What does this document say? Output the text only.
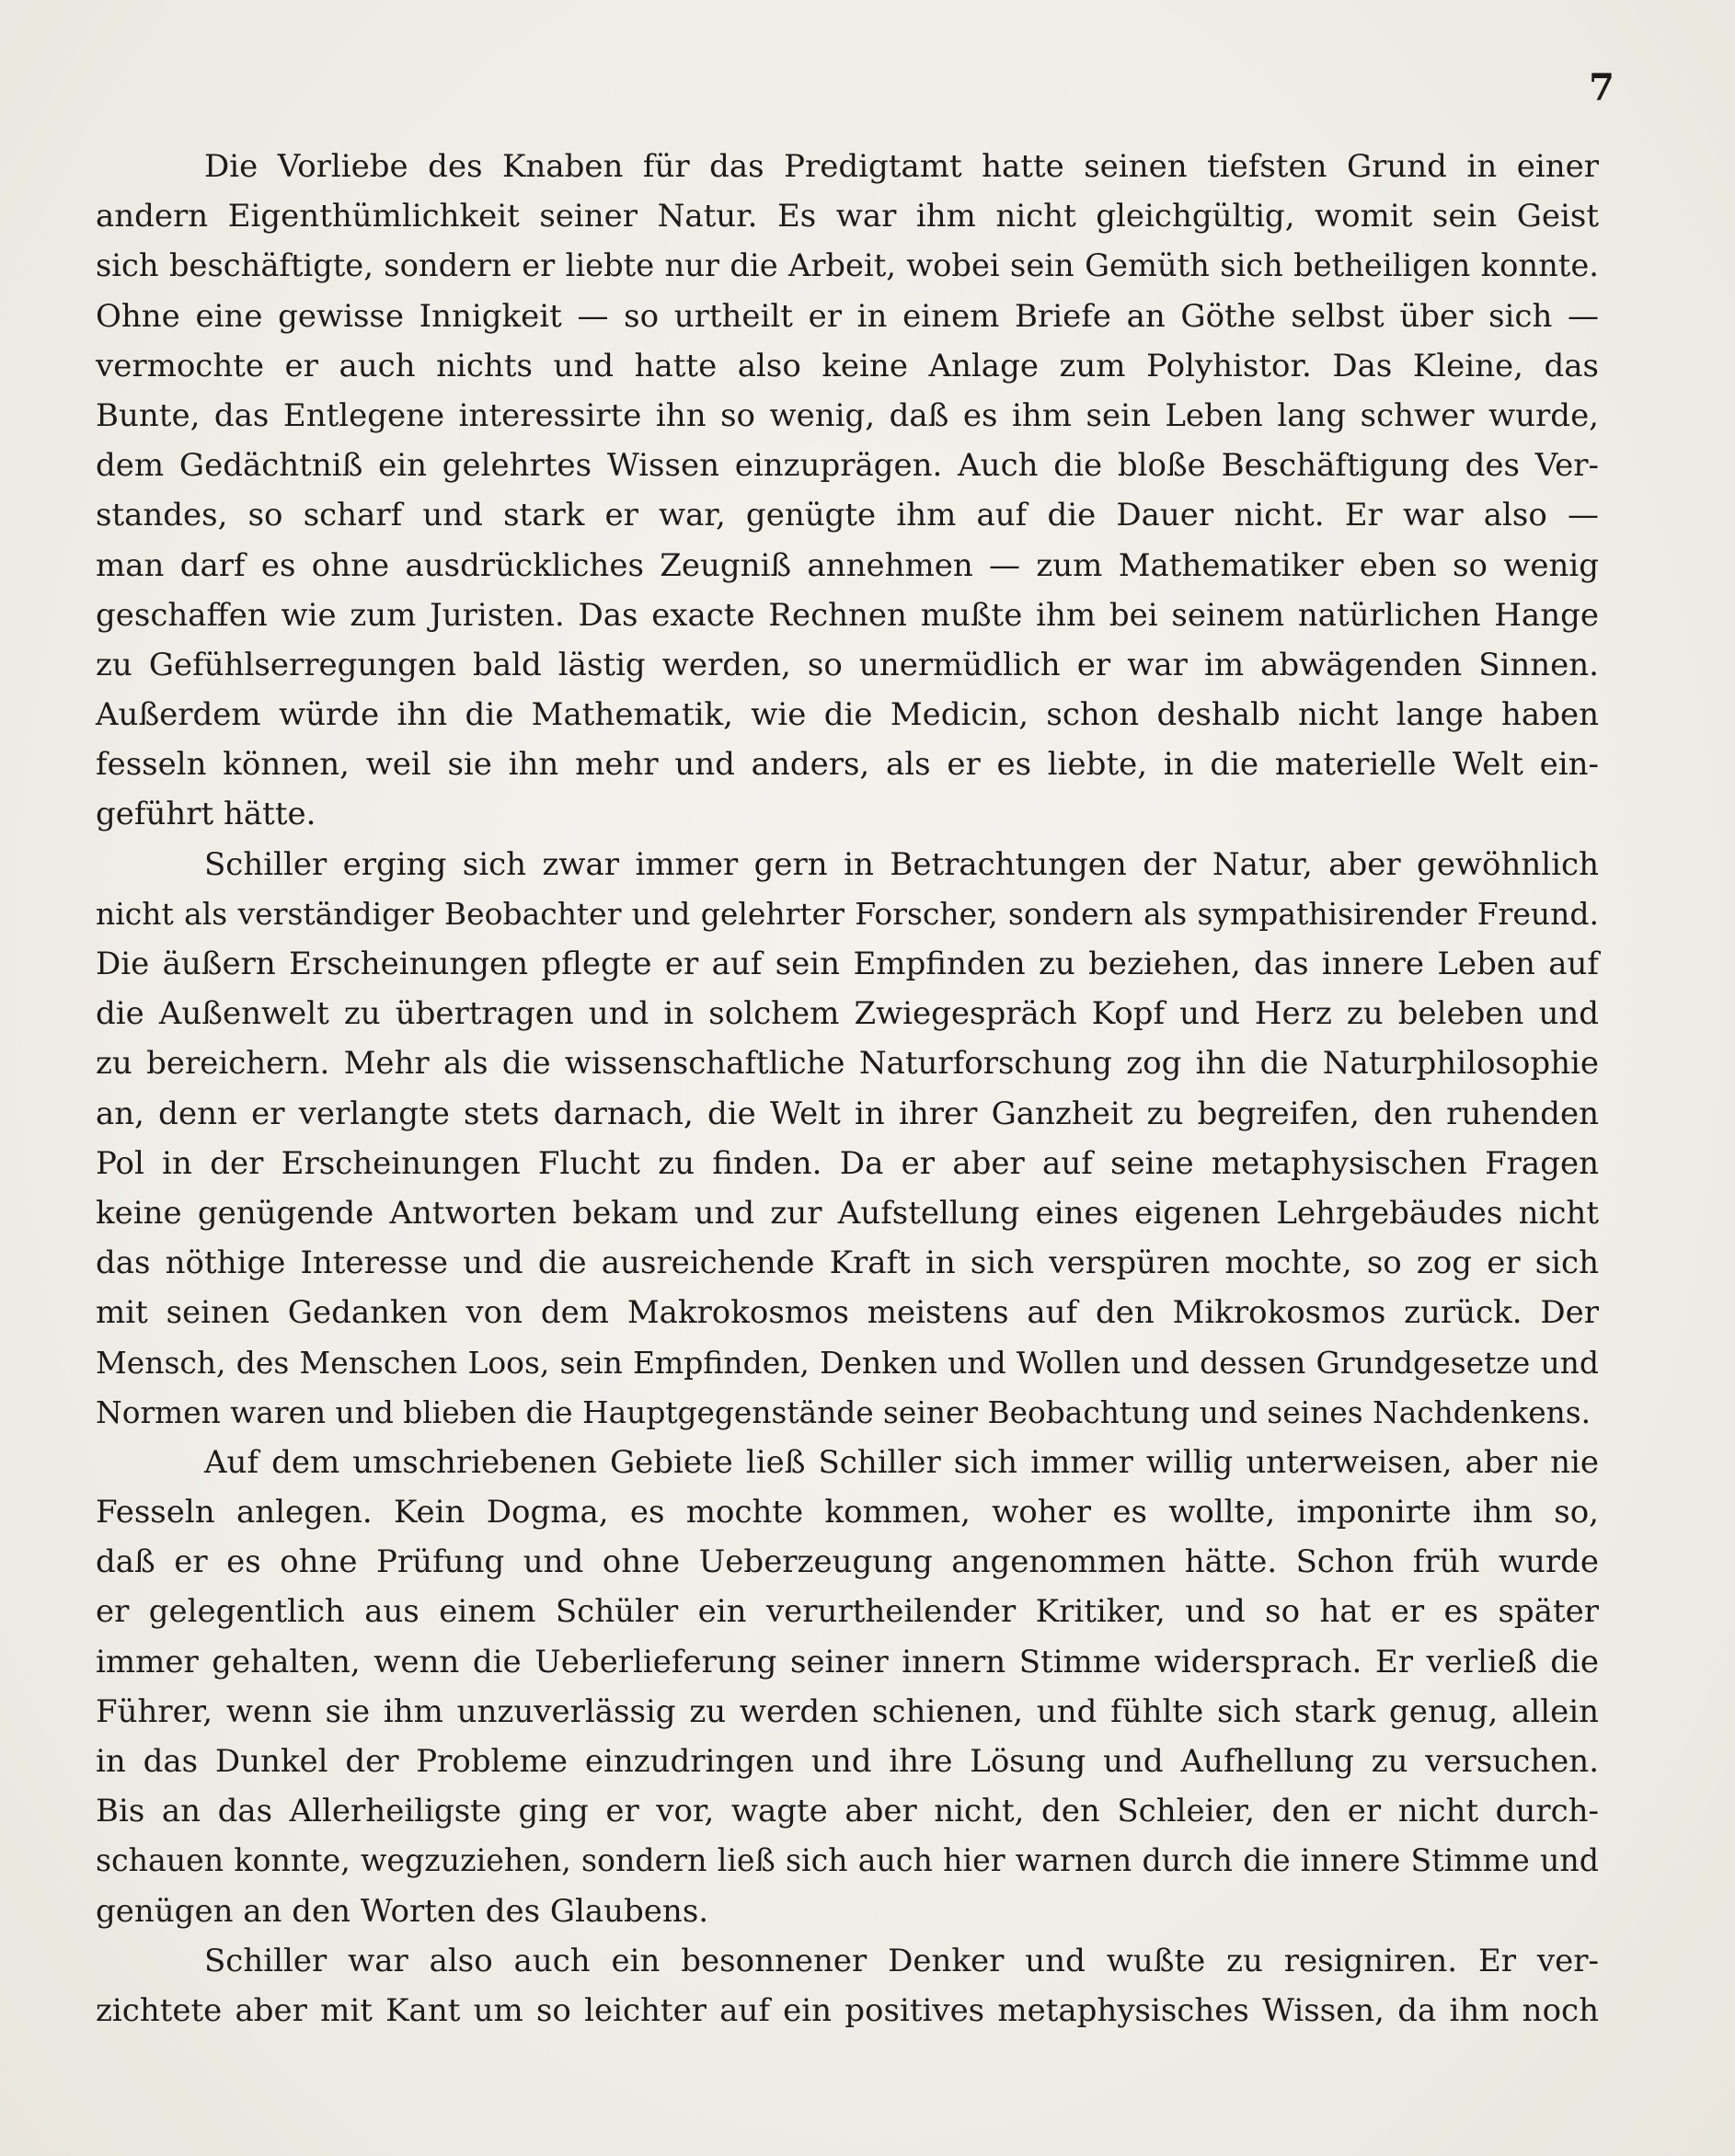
7
Die Vorliebe des Knaben für das Predigtamt hatte seinen tiefsten Grund in einer
andern Eigenthümlichkeit seiner Natur. Es war ihm nicht gleichgültig, womit sein Geist
sich beschäftigte, sondern er liebte nur die Arbeit, wobei sein Gemüth sich betheiligen konnte.
Ohne eine gewisse Innigkeit — so urtheilt er in einem Briefe an Göthe selbst über sich —
vermochte er auch nichts und hatte also keine Anlage zum Polyhistor. Das Kleine, das
Bunte, das Entlegene interessirte ihn so wenig, daß es ihm sein Leben lang schwer wurde,
dem Gedächtniß ein gelehrtes Wissen einzuprägen. Auch die bloße Beschäftigung des Ver-
standes, so scharf und stark er war, genügte ihm auf die Dauer nicht. Er war also —
man darf es ohne ausdrückliches Zeugniß annehmen — zum Mathematiker eben so wenig
geschaffen wie zum Juristen. Das exacte Rechnen mußte ihm bei seinem natürlichen Hange
zu Gefühlserregungen bald lästig werden, so unermüdlich er war im abwägenden Sinnen.
Außerdem würde ihn die Mathematik, wie die Medicin, schon deshalb nicht lange haben
fesseln können, weil sie ihn mehr und anders, als er es liebte, in die materielle Welt ein-
geführt hätte.
Schiller erging sich zwar immer gern in Betrachtungen der Natur, aber gewöhnlich
nicht als verständiger Beobachter und gelehrter Forscher, sondern als sympathisirender Freund.
Die äußern Erscheinungen pflegte er auf sein Empfinden zu beziehen, das innere Leben auf
die Außenwelt zu übertragen und in solchem Zwiegespräch Kopf und Herz zu beleben und
zu bereichern. Mehr als die wissenschaftliche Naturforschung zog ihn die Naturphilosophie
an, denn er verlangte stets darnach, die Welt in ihrer Ganzheit zu begreifen, den ruhenden
Pol in der Erscheinungen Flucht zu finden. Da er aber auf seine metaphysischen Fragen
keine genügende Antworten bekam und zur Aufstellung eines eigenen Lehrgebäudes nicht
das nöthige Interesse und die ausreichende Kraft in sich verspüren mochte, so zog er sich
mit seinen Gedanken von dem Makrokosmos meistens auf den Mikrokosmos zurück. Der
Mensch, des Menschen Loos, sein Empfinden, Denken und Wollen und dessen Grundgesetze und
Normen waren und blieben die Hauptgegenstände seiner Beobachtung und seines Nachdenkens.
Auf dem umschriebenen Gebiete ließ Schiller sich immer willig unterweisen, aber nie
Fesseln anlegen. Kein Dogma, es mochte kommen, woher es wollte, imponirte ihm so,
daß er es ohne Prüfung und ohne Ueberzeugung angenommen hätte. Schon früh wurde
er gelegentlich aus einem Schüler ein verurtheilender Kritiker, und so hat er es später
immer gehalten, wenn die Ueberlieferung seiner innern Stimme widersprach. Er verließ die
Führer, wenn sie ihm unzuverlässig zu werden schienen, und fühlte sich stark genug, allein
in das Dunkel der Probleme einzudringen und ihre Lösung und Aufhellung zu versuchen.
Bis an das Allerheiligste ging er vor, wagte aber nicht, den Schleier, den er nicht durch-
schauen konnte, wegzuziehen, sondern ließ sich auch hier warnen durch die innere Stimme und
genügen an den Worten des Glaubens.
Schiller war also auch ein besonnener Denker und wußte zu resigniren. Er ver-
zichtete aber mit Kant um so leichter auf ein positives metaphysisches Wissen, da ihm noch
